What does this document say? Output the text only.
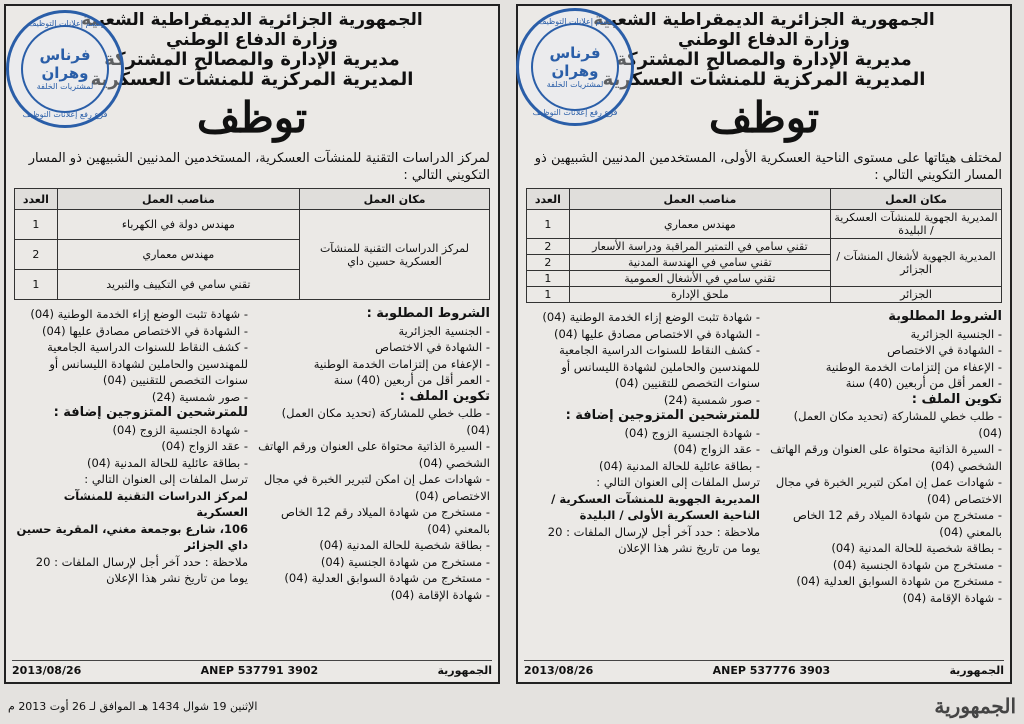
الجمهورية الجزائرية الديمقراطية الشعبية
وزارة الدفاع الوطني
مديرية الإدارة والمصالح المشتركة
المديرية المركزية للمنشآت العسكرية
توظف
لمختلف هيئاتها على مستوى الناحية العسكرية الأولى، المستخدمين المدنيين الشبيهين ذو المسار التكويني التالي :
مكان العمل	مناصب العمل	العدد
المديرية الجهوية للمنشآت العسكرية / البليدة	مهندس معماري	1
المديرية الجهوية لأشغال المنشآت / الجزائر	تقني سامي في التمتير المراقبة ودراسة الأسعار	2
	تقني سامي في الهندسة المدنية	2
	تقني سامي في الأشغال العمومية	1
الجزائر	ملحق الإدارة	1

الشروط المطلوبة

- الجنسية الجزائرية

- الشهادة في الاختصاص

- الإعفاء من إلتزامات الخدمة الوطنية

- العمر أقل من أربعين (40) سنة

تكوين الملف :

- طلب خطي للمشاركة (تحديد مكان العمل) (04)

- السيرة الذاتية محتواة على العنوان ورقم الهاتف الشخصي (04)

- شهادات عمل إن امكن لتبرير الخبرة في مجال الاختصاص (04)

- مستخرج من شهادة الميلاد رقم 12 الخاص بالمعني (04)

- بطاقة شخصية للحالة المدنية (04)

- مستخرج من شهادة الجنسية (04)

- مستخرج من شهادة السوابق العدلية (04)

- شهادة الإقامة (04)

- شهادة تثبت الوضع إزاء الخدمة الوطنية (04)

- الشهادة في الاختصاص مصادق عليها (04)

- كشف النقاط للسنوات الدراسية الجامعية للمهندسين والحاملين لشهادة الليسانس أو سنوات التخصص للتقنيين (04)

- صور شمسية (24)

للمترشحين المتزوجين إضافة :

- شهادة الجنسية الزوج (04)

- عقد الزواج (04)

- بطاقة عائلية للحالة المدنية (04)

ترسل الملفات إلى العنوان التالي :

المديرية الجهوية للمنشآت العسكرية / الناحية العسكرية الأولى / البليدة

ملاحظة : حدد آخر أجل لإرسال الملفات : 20 يوما من تاريخ نشر هذا الإعلان

الجمهورية
3903 ANEP 537776
2013/08/26
الجمهورية الجزائرية الديمقراطية الشعبية
وزارة الدفاع الوطني
مديرية الإدارة والمصالح المشتركة
المديرية المركزية للمنشآت العسكرية
توظف
لمركز الدراسات التقنية للمنشآت العسكرية، المستخدمين المدنيين الشبيهين ذو المسار التكويني التالي :
مكان العمل	مناصب العمل	العدد
لمركز الدراسات التقنية للمنشآت العسكرية حسين داي	مهندس دولة في الكهرباء	1
	مهندس معماري	2
	تقني سامي في التكييف والتبريد	1

الشروط المطلوبة :

- الجنسية الجزائرية

- الشهادة في الاختصاص

- الإعفاء من إلتزامات الخدمة الوطنية

- العمر أقل من أربعين (40) سنة

تكوين الملف :

- طلب خطي للمشاركة (تحديد مكان العمل) (04)

- السيرة الذاتية محتواة على العنوان ورقم الهاتف الشخصي (04)

- شهادات عمل إن امكن لتبرير الخبرة في مجال الاختصاص (04)

- مستخرج من شهادة الميلاد رقم 12 الخاص بالمعني (04)

- بطاقة شخصية للحالة المدنية (04)

- مستخرج من شهادة الجنسية (04)

- مستخرج من شهادة السوابق العدلية (04)

- شهادة الإقامة (04)

- شهادة تثبت الوضع إزاء الخدمة الوطنية (04)

- الشهادة في الاختصاص مصادق عليها (04)

- كشف النقاط للسنوات الدراسية الجامعية للمهندسين والحاملين لشهادة الليسانس أو سنوات التخصص للتقنيين (04)

- صور شمسية (24)

للمترشحين المتزوجين إضافة :

- شهادة الجنسية الزوج (04)

- عقد الزواج (04)

- بطاقة عائلية للحالة المدنية (04)

ترسل الملفات إلى العنوان التالي :

لمركز الدراسات التقنية للمنشآت العسكرية

106، شارع بوجمعة مغني، المقرية حسين داي الجزائر

ملاحظة : حدد آخر أجل لإرسال الملفات : 20 يوما من تاريخ نشر هذا الإعلان

الجمهورية
3902 ANEP 537791
2013/08/26
قسم إعلانات التوظيف
فرناس وهران
لمشتريات الخلفة
فرع رفع إعلانات التوظيف
قسم إعلانات التوظيف
فرناس وهران
لمشتريات الخلفة
فرع رفع إعلانات التوظيف
الجمهورية
الإثنين 19 شوال 1434 هـ الموافق لـ 26 أوت 2013 م
